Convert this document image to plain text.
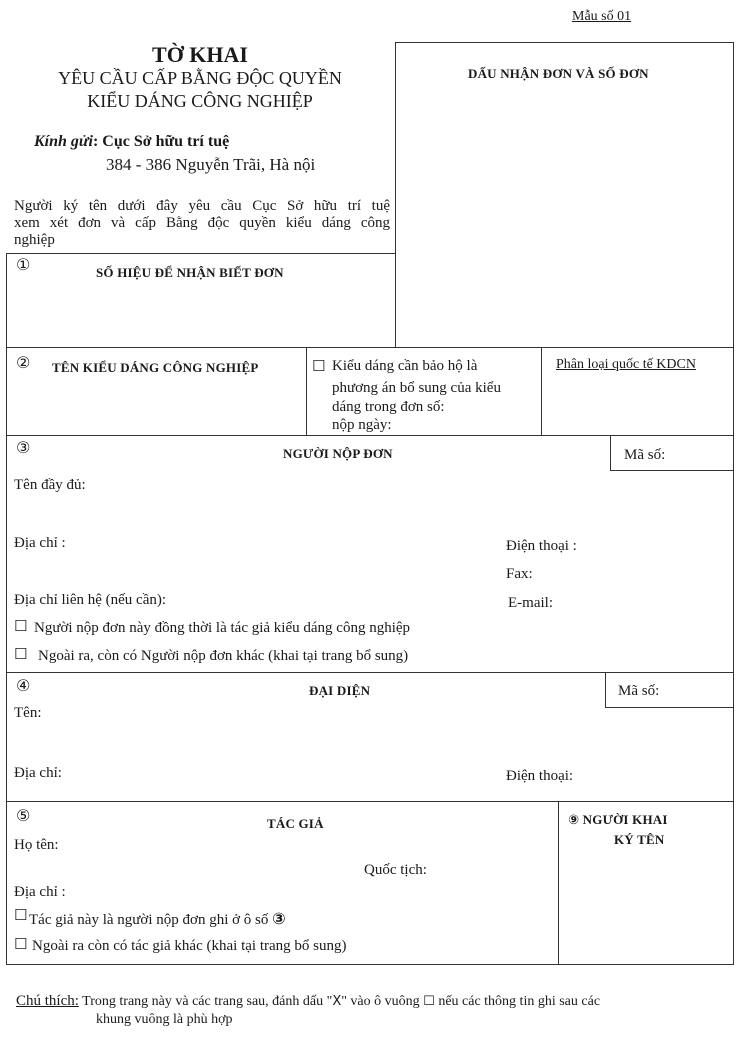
Mẫu số 01
TỜ KHAI
YÊU CẦU CẤP BẰNG ĐỘC QUYỀN
KIỂU DÁNG CÔNG NGHIỆP
Kính gửi: Cục Sở hữu trí tuệ
384 - 386 Nguyễn Trãi, Hà nội
Người ký tên dưới đây yêu cầu Cục Sở hữu trí tuệ
xem xét đơn và cấp Bằng độc quyền kiểu dáng công
nghiệp
DẤU NHẬN ĐƠN VÀ SỐ ĐƠN
①	SỐ HIỆU ĐỂ NHẬN BIẾT ĐƠN
② TÊN KIỂU DÁNG CÔNG NGHIỆP	☐ Kiểu dáng cần bảo hộ là
phương án bổ sung của kiểu
dáng trong đơn số:
nộp ngày:
Phân loại quốc tế KDCN
③	NGƯỜI NỘP ĐƠN	Mã số:
Tên đầy đủ:
Địa chỉ :	Điện thoại :
Fax:
Địa chỉ liên hệ (nếu cần):	E-mail:
☐ Người nộp đơn này đồng thời là tác giả kiểu dáng công nghiệp
☐ Ngoài ra, còn có Người nộp đơn khác (khai tại trang bổ sung)
④	ĐẠI DIỆN	Mã số:
Tên:
Địa chỉ:	Điện thoại:
⑤	TÁC GIẢ
Họ tên:
Quốc tịch:
Địa chỉ :
☐ Tác giả này là người nộp đơn ghi ở ô số ③
☐ Ngoài ra còn có tác giả khác (khai tại trang bổ sung)
⑨ NGƯỜI KHAI
KÝ TÊN
Chú thích: Trong trang này và các trang sau, đánh dấu "X" vào ô vuông ☐ nếu các thông tin ghi sau các
khung vuông là phù hợp
